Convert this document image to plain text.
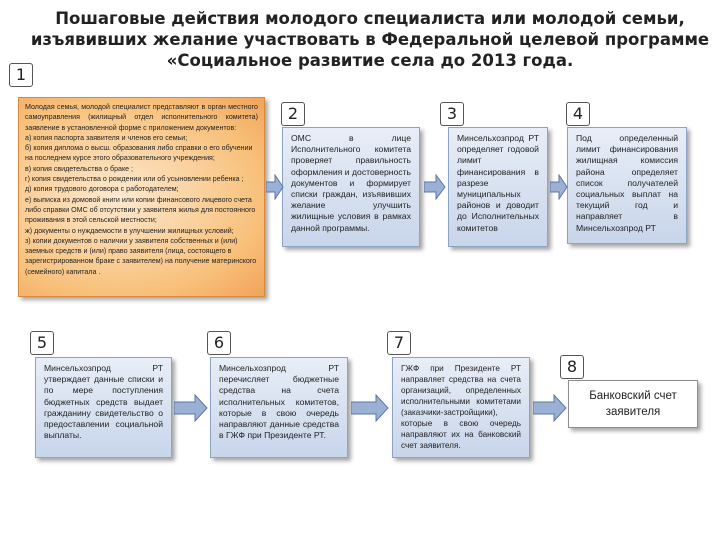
Пошаговые действия молодого специалиста или молодой семьи,
изъявивших желание участвовать в Федеральной целевой программе
«Социальное развитие села до 2013 года.
1
2	3	4
5	6	7
8
Молодая семья, молодой специалист представляют в орган местного самоуправления (жилищный отдел исполнительного комитета) заявление в установленной форме с приложением документов:
а) копия паспорта заявителя и членов его семьи;
б) копия диплома о высш. образования либо справки о его обучении на последнем курсе этого образовательного учреждения;
в) копия свидетельства о браке ;
г) копия свидетельства о рождении или об усыновлении ребенка ;
д) копия трудового договора с работодателем;
е) выписка из домовой книги или копии финансового лицевого счета либо справки ОМС об отсутствии у заявителя жилья для постоянного проживания в этой сельской местности;
ж) документы о нуждаемости в улучшении жилищных условий;
з) копии документов о наличии у заявителя собственных и (или) заемных средств и (или) право заявителя (лица, состоящего в зарегистрированном браке с заявителем) на получение материнского (семейного) капитала .
ОМС в лице Исполнительного комитета проверяет правильность оформления и достоверность документов и формирует списки граждан, изъявивших желание улучшить жилищные условия в рамках данной программы.
Минсельхозпрод РТ определяет годовой лимит финансирования в разрезе муниципальных районов и доводит до Исполнительных комитетов
Под определенный лимит финансирования жилищная комиссия района определяет список получателей социальных выплат на текущий год и направляет в Минсельхозпрод РТ
Минсельхозпрод РТ утверждает данные списки и по мере поступления бюджетных средств выдает гражданину свидетельство о предоставлении социальной выплаты.
Минсельхозпрод РТ перечисляет бюджетные средства на счета исполнительных комитетов, которые в свою очередь направляют данные средства в ГЖФ при Президенте РТ.
ГЖФ при Президенте РТ направляет средства на счета организаций, определенных исполнительными комитетами (заказчики-застройщики), которые в свою очередь направляют их на банковский счет заявителя.
Банковский счет заявителя
